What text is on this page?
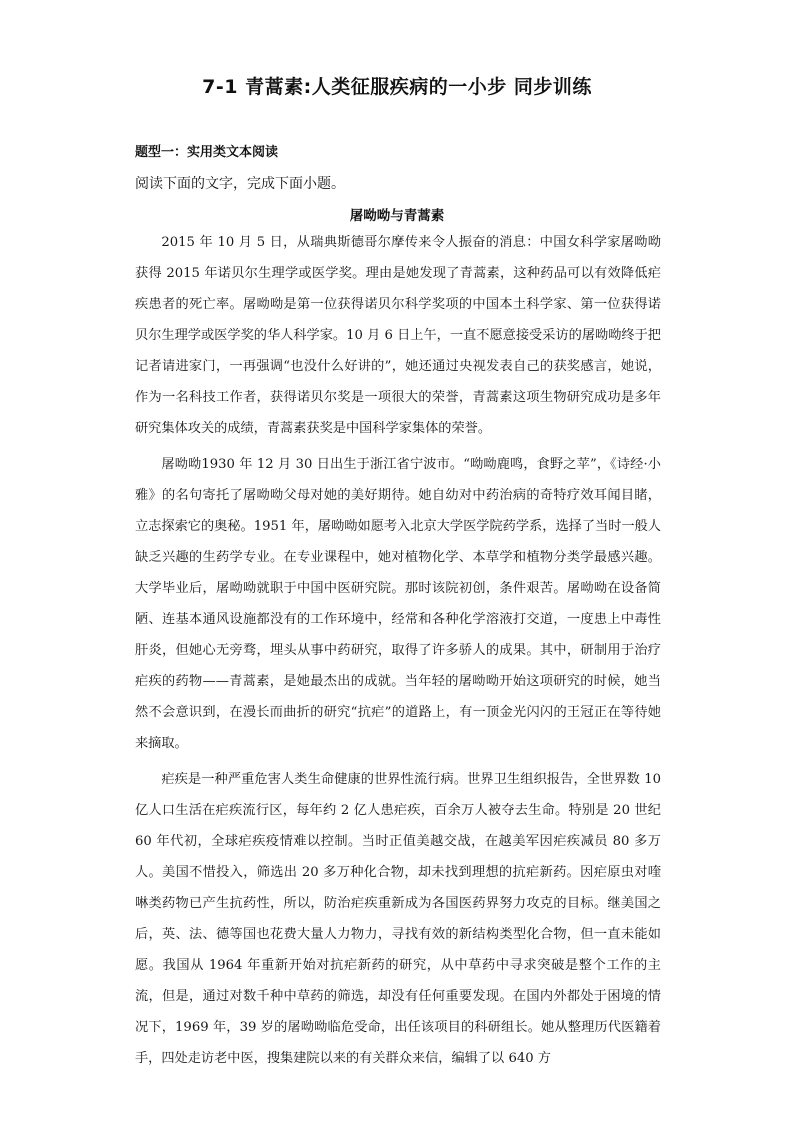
7-1 青蒿素:人类征服疾病的一小步 同步训练
题型一：实用类文本阅读
阅读下面的文字，完成下面小题。
屠呦呦与青蒿素

2015 年 10 月 5 日，从瑞典斯德哥尔摩传来令人振奋的消息：中国女科学家屠呦呦获得 2015 年诺贝尔生理学或医学奖。理由是她发现了青蒿素，这种药品可以有效降低疟疾患者的死亡率。屠呦呦是第一位获得诺贝尔科学奖项的中国本土科学家、第一位获得诺贝尔生理学或医学奖的华人科学家。10 月 6 日上午，一直不愿意接受采访的屠呦呦终于把记者请进家门，一再强调“也没什么好讲的”，她还通过央视发表自己的获奖感言，她说，作为一名科技工作者，获得诺贝尔奖是一项很大的荣誉，青蒿素这项生物研究成功是多年研究集体攻关的成绩，青蒿素获奖是中国科学家集体的荣誉。

屠呦呦1930 年 12 月 30 日出生于浙江省宁波市。“呦呦鹿鸣，食野之苹”，《诗经·小雅》的名句寄托了屠呦呦父母对她的美好期待。她自幼对中药治病的奇特疗效耳闻目睹，立志探索它的奥秘。1951 年，屠呦呦如愿考入北京大学医学院药学系，选择了当时一般人缺乏兴趣的生药学专业。在专业课程中，她对植物化学、本草学和植物分类学最感兴趣。大学毕业后，屠呦呦就职于中国中医研究院。那时该院初创，条件艰苦。屠呦呦在设备简陋、连基本通风设施都没有的工作环境中，经常和各种化学溶液打交道，一度患上中毒性肝炎，但她心无旁骛，埋头从事中药研究，取得了许多骄人的成果。其中，研制用于治疗疟疾的药物——青蒿素，是她最杰出的成就。当年轻的屠呦呦开始这项研究的时候，她当然不会意识到，在漫长而曲折的研究“抗疟”的道路上，有一顶金光闪闪的王冠正在等待她来摘取。

疟疾是一种严重危害人类生命健康的世界性流行病。世界卫生组织报告，全世界数 10 亿人口生活在疟疾流行区，每年约 2 亿人患疟疾，百余万人被夺去生命。特别是 20 世纪 60 年代初，全球疟疾疫情难以控制。当时正值美越交战，在越美军因疟疾减员 80 多万人。美国不惜投入，筛选出 20 多万种化合物，却未找到理想的抗疟新药。因疟原虫对喹啉类药物已产生抗药性，所以，防治疟疾重新成为各国医药界努力攻克的目标。继美国之后，英、法、德等国也花费大量人力物力，寻找有效的新结构类型化合物，但一直未能如愿。我国从 1964 年重新开始对抗疟新药的研究，从中草药中寻求突破是整个工作的主流，但是，通过对数千种中草药的筛选，却没有任何重要发现。在国内外都处于困境的情况下，1969 年，39 岁的屠呦呦临危受命，出任该项目的科研组长。她从整理历代医籍着手，四处走访老中医，搜集建院以来的有关群众来信，编辑了以 640 方
